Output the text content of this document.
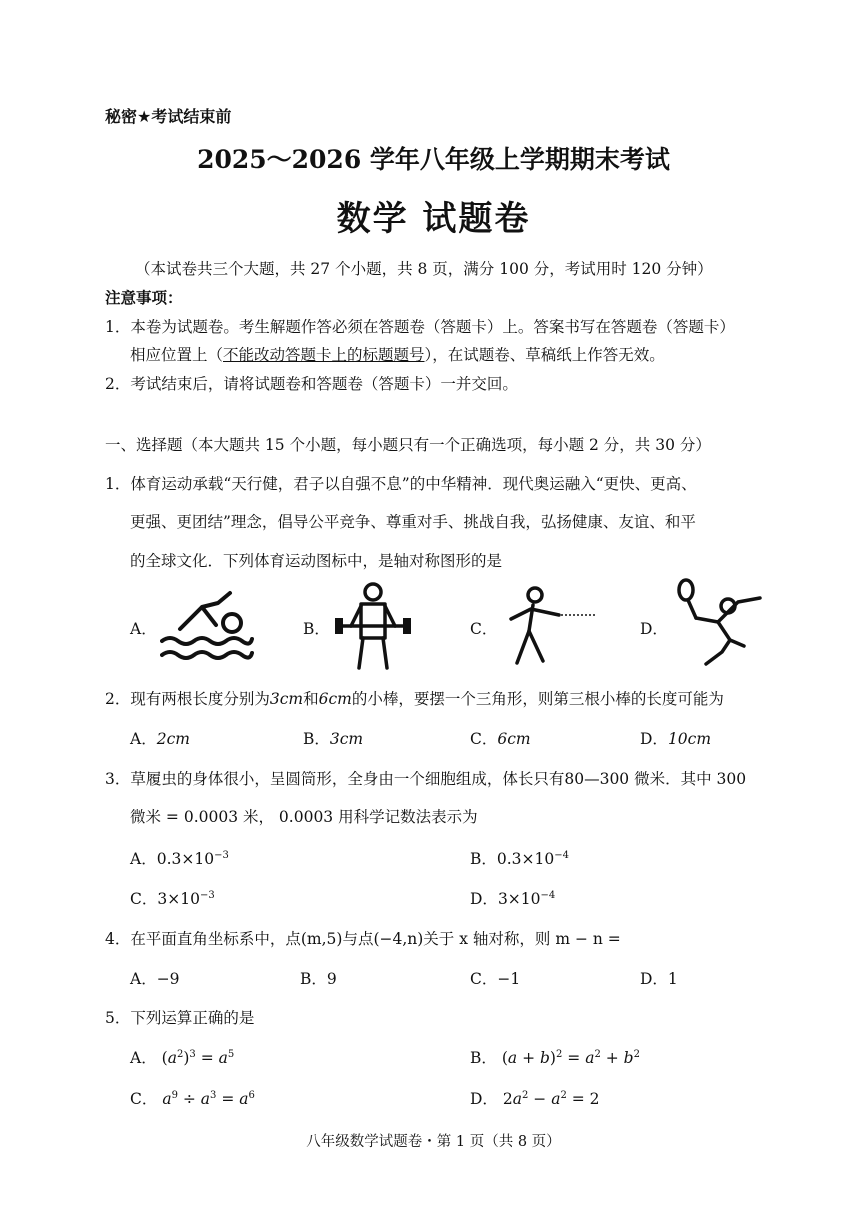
秘密★考试结束前
2025～2026 学年八年级上学期期末考试
数学 试题卷
（本试卷共三个大题，共 27 个小题，共 8 页，满分 100 分，考试用时 120 分钟）
注意事项：
1．本卷为试题卷。考生解题作答必须在答题卷（答题卡）上。答案书写在答题卷（答题卡）
相应位置上（不能改动答题卡上的标题题号），在试题卷、草稿纸上作答无效。
2．考试结束后，请将试题卷和答题卷（答题卡）一并交回。
一、选择题（本大题共 15 个小题，每小题只有一个正确选项，每小题 2 分，共 30 分）
1．体育运动承载“天行健，君子以自强不息”的中华精神．现代奥运融入“更快、更高、
更强、更团结”理念，倡导公平竞争、尊重对手、挑战自我，弘扬健康、友谊、和平
的全球文化．下列体育运动图标中，是轴对称图形的是
A．	B．	C．	D．
2．现有两根长度分别为3cm和6cm的小棒，要摆一个三角形，则第三根小棒的长度可能为
A．2cm	B．3cm	C．6cm	D．10cm
3．草履虫的身体很小，呈圆筒形，全身由一个细胞组成，体长只有80—300 微米．其中 300
微米 = 0.0003 米， 0.0003 用科学记数法表示为
A．$0.3\times 10^{-3}$	B．$0.3\times 10^{-4}$
C．$3\times 10^{-3}$	D．$3\times 10^{-4}$
4．在平面直角坐标系中，点(m,5)与点(−4,n)关于 x 轴对称，则 m − n =
A．−9	B．9	C．−1	D．1
5．下列运算正确的是
A． $(a^2)^3 = a^5$	B． $(a + b)^2 = a^2 + b^2$
C． $a^9 \div a^3 = a^6$	D． $2a^2 - a^2 = 2$
八年级数学试题卷・第 1 页（共 8 页）
